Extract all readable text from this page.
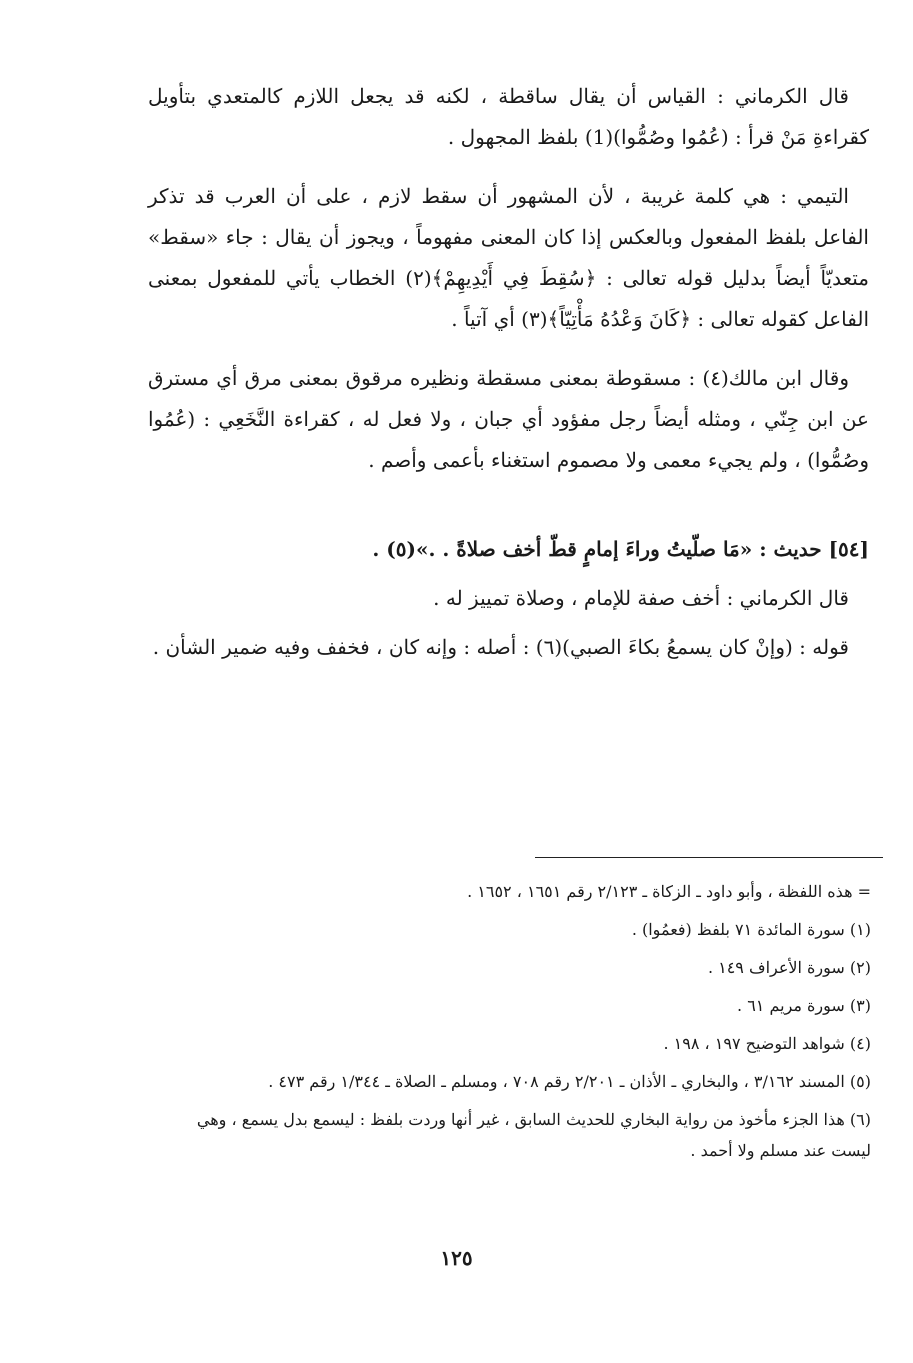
قال الكرماني : القياس أن يقال ساقطة ، لكنه قد يجعل اللازم كالمتعدي بتأويل كقراءةِ مَنْ قرأ : (عُمُوا وصُمُّوا)(1) بلفظ المجهول .

التيمي : هي كلمة غريبة ، لأن المشهور أن سقط لازم ، على أن العرب قد تذكر الفاعل بلفظ المفعول وبالعكس إذا كان المعنى مفهوماً ، ويجوز أن يقال : جاء «سقط» متعديّاً أيضاً بدليل قوله تعالى : ﴿سُقِطَ فِي أَيْدِيهِمْ﴾(٢) الخطاب يأتي للمفعول بمعنى الفاعل كقوله تعالى : ﴿كَانَ وَعْدُهُ مَأْتِيّاً﴾(٣) أي آتياً .

وقال ابن مالك(٤) : مسقوطة بمعنى مسقطة ونظيره مرقوق بمعنى مرق أي مسترق عن ابن جِنّي ، ومثله أيضاً رجل مفؤود أي جبان ، ولا فعل له ، كقراءة النَّخَعِي : (عُمُوا وصُمُّوا) ، ولم يجيء معمى ولا مصموم استغناء بأعمى وأصم .

[٥٤] حديث : «مَا صلّيتُ وراءَ إمامٍ قطّ أخف صلاةً . .»(٥) .

قال الكرماني : أخف صفة للإمام ، وصلاة تمييز له .

قوله : (وإنْ كان يسمعُ بكاءَ الصبي)(٦) : أصله : وإنه كان ، فخفف وفيه ضمير الشأن .

= هذه اللفظة ، وأبو داود ـ الزكاة ـ ٢/١٢٣ رقم ١٦٥١ ، ١٦٥٢ .

(١) سورة المائدة ٧١ بلفظ (فعمُوا) .

(٢) سورة الأعراف ١٤٩ .

(٣) سورة مريم ٦١ .

(٤) شواهد التوضيح ١٩٧ ، ١٩٨ .

(٥) المسند ٣/١٦٢ ، والبخاري ـ الأذان ـ ٢/٢٠١ رقم ٧٠٨ ، ومسلم ـ الصلاة ـ ١/٣٤٤ رقم ٤٧٣ .

(٦) هذا الجزء مأخوذ من رواية البخاري للحديث السابق ، غير أنها وردت بلفظ : ليسمع بدل يسمع ، وهي ليست عند مسلم ولا أحمد .

١٢٥
